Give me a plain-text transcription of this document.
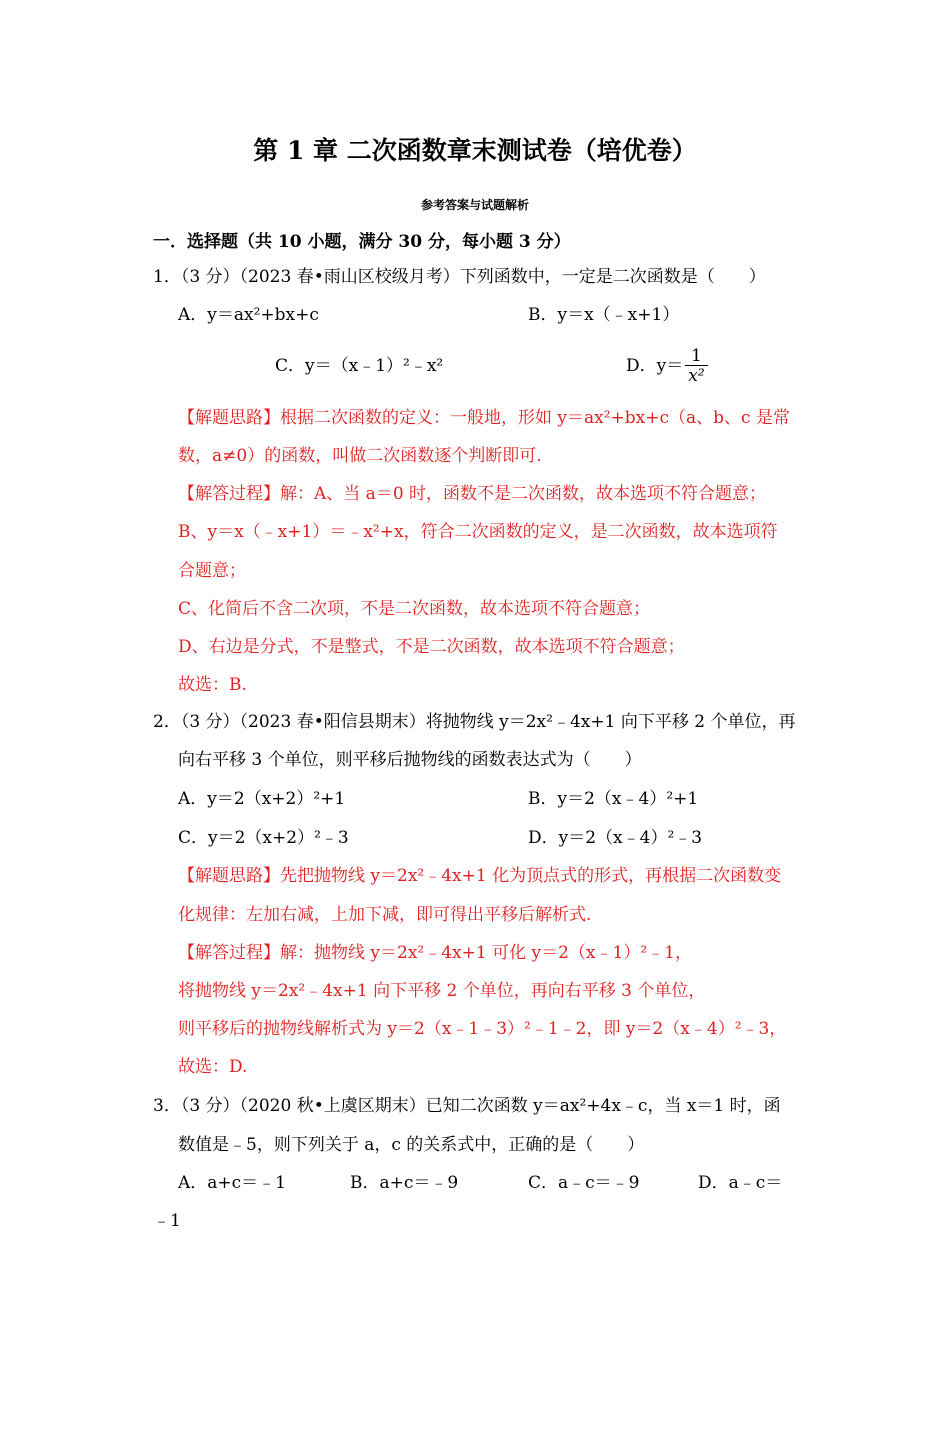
第 1 章 二次函数章末测试卷（培优卷）
参考答案与试题解析
一．选择题（共 10 小题，满分 30 分，每小题 3 分）
1．（3 分）（2023 春•雨山区校级月考）下列函数中，一定是二次函数是（　　）
A．y＝ax²+bx+c	B．y＝x（﹣x+1）
C．y＝（x﹣1）²﹣x²	D．$y= \frac{1}{\text{x²}}$
【解题思路】根据二次函数的定义：一般地，形如 y＝ax²+bx+c（a、b、c 是常
数，a≠0）的函数，叫做二次函数逐个判断即可.
【解答过程】解：A、当 a＝0 时，函数不是二次函数，故本选项不符合题意；
B、y＝x（﹣x+1）＝﹣x²+x，符合二次函数的定义，是二次函数，故本选项符
合题意；
C、化简后不含二次项，不是二次函数，故本选项不符合题意；
D、右边是分式，不是整式，不是二次函数，故本选项不符合题意；
故选：B.
2．（3 分）（2023 春•阳信县期末）将抛物线 y＝2x²﹣4x+1 向下平移 2 个单位，再
向右平移 3 个单位，则平移后抛物线的函数表达式为（　　）
A．y＝2（x+2）²+1	B．y＝2（x﹣4）²+1
C．y＝2（x+2）²﹣3	D．y＝2（x﹣4）²﹣3
【解题思路】先把抛物线 y＝2x²﹣4x+1 化为顶点式的形式，再根据二次函数变
化规律：左加右减，上加下减，即可得出平移后解析式.
【解答过程】解：抛物线 y＝2x²﹣4x+1 可化 y＝2（x﹣1）²﹣1，
将抛物线 y＝2x²﹣4x+1 向下平移 2 个单位，再向右平移 3 个单位，
则平移后的抛物线解析式为 y＝2（x﹣1﹣3）²﹣1﹣2，即 y＝2（x﹣4）²﹣3，
故选：D.
3．（3 分）（2020 秋•上虞区期末）已知二次函数 y＝ax²+4x﹣c，当 x＝1 时，函
数值是﹣5，则下列关于 a，c 的关系式中，正确的是（　　）
A．a+c＝﹣1	B．a+c＝﹣9	C．a﹣c＝﹣9	D．a﹣c＝
﹣1
